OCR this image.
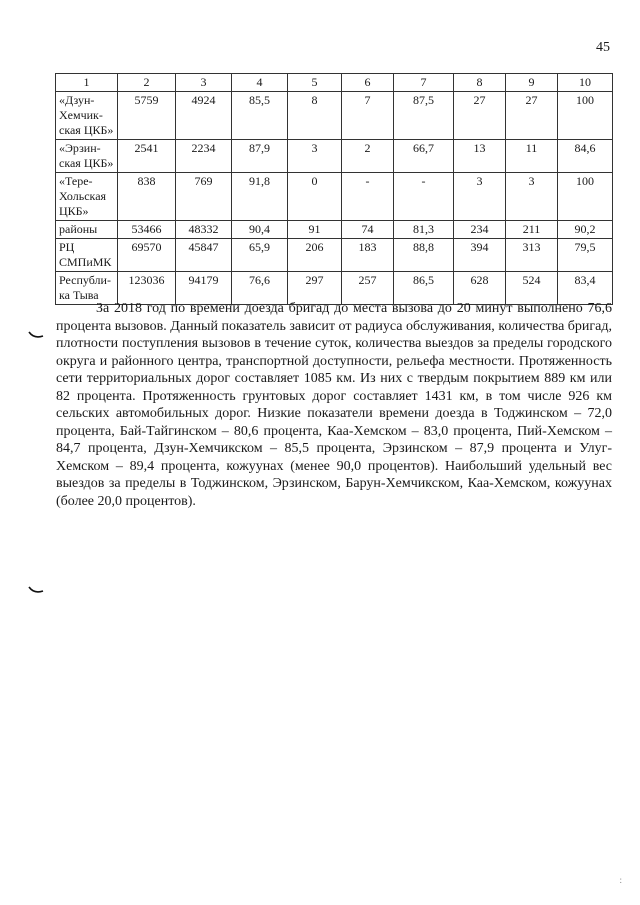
45
1	2	3	4	5	6	7	8	9	10
«Дзун-Хемчик-ская ЦКБ»	5759	4924	85,5	8	7	87,5	27	27	100
«Эрзин-ская ЦКБ»	2541	2234	87,9	3	2	66,7	13	11	84,6
«Тере-Хольская ЦКБ»	838	769	91,8	0	-	-	3	3	100
районы	53466	48332	90,4	91	74	81,3	234	211	90,2
РЦ СМПиМК	69570	45847	65,9	206	183	88,8	394	313	79,5
Республи-ка Тыва	123036	94179	76,6	297	257	86,5	628	524	83,4

За 2018 год по времени доезда бригад до места вызова до 20 минут выполнено 76,6 процента вызовов. Данный показатель зависит от радиуса обслуживания, количества бригад, плотности поступления вызовов в течение суток, количества выездов за пределы городского округа и районного центра, транспортной доступности, рельефа местности. Протяженность сети территориальных дорог составляет 1085 км. Из них с твердым покрытием 889 км или 82 процента. Протяженность грунтовых дорог составляет 1431 км, в том числе 926 км сельских автомобильных дорог. Низкие показатели времени доезда в Тоджинском – 72,0 процента, Бай-Тайгинском – 80,6 процента, Каа-Хемском – 83,0 процента, Пий-Хемском – 84,7 процента, Дзун-Хемчикском – 85,5 процента, Эрзинском – 87,9 процента и Улуг-Хемском – 89,4 процента, кожуунах (менее 90,0 процентов). Наибольший удельный вес выездов за пределы в Тоджинском, Эрзинском, Барун-Хемчикском, Каа-Хемском, кожуунах (более 20,0 процентов).

:
